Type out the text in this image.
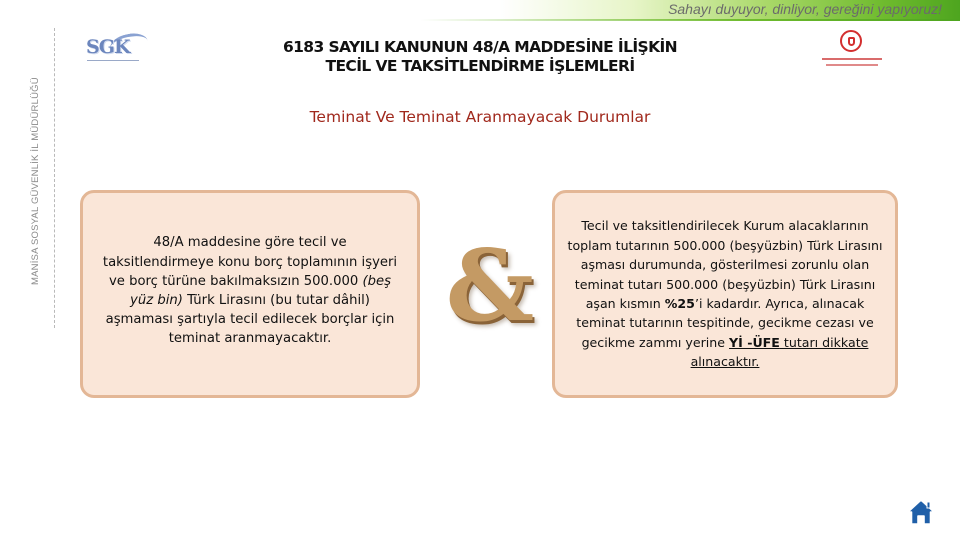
Sahayı duyuyor, dinliyor, gereğini yapıyoruz!
MANİSA SOSYAL GÜVENLİK İL MÜDÜRLÜĞÜ
SGK	6183 SAYILI KANUNUN 48/A MADDESİNE İLİŞKİN
TECİL VE TAKSİTLENDİRME İŞLEMLERİ
Teminat Ve Teminat Aranmayacak Durumlar

48/A maddesine göre tecil ve taksitlendirmeye konu borç toplamının işyeri ve borç türüne bakılmaksızın 500.000 (beş yüz bin) Türk Lirasını (bu tutar dâhil) aşmaması şartıyla tecil edilecek borçlar için teminat aranmayacaktır.	&

Tecil ve taksitlendirilecek Kurum alacaklarının toplam tutarının 500.000 (beşyüzbin) Türk Lirasını aşması durumunda, gösterilmesi zorunlu olan teminat tutarı 500.000 (beşyüzbin) Türk Lirasını aşan kısmın %25’i kadardır. Ayrıca, alınacak teminat tutarının tespitinde, gecikme cezası ve gecikme zammı yerine Yİ -ÜFE tutarı dikkate alınacaktır.

40
